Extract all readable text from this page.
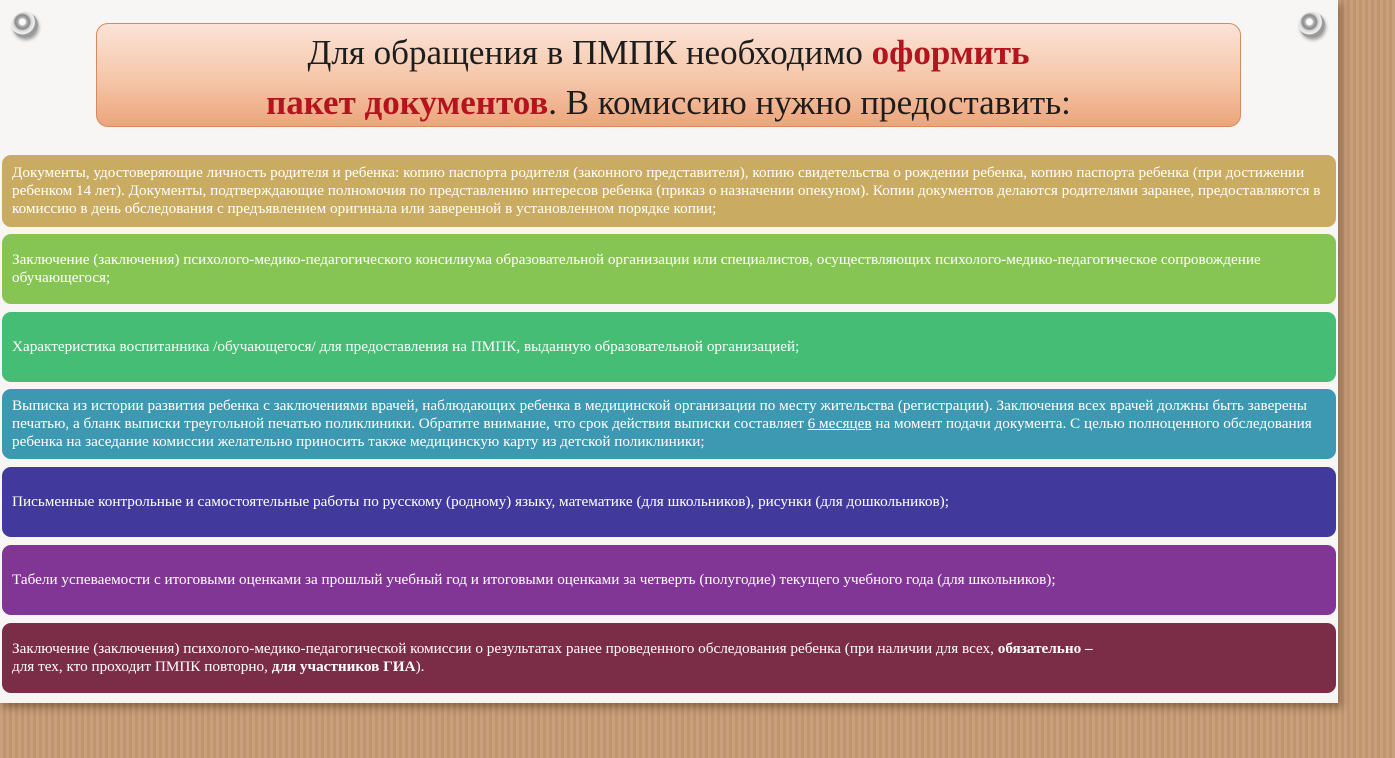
Для обращения в ПМПК необходимо оформить
пакет документов. В комиссию нужно предоставить:

Документы, удостоверяющие личность родителя и ребенка: копию паспорта родителя (законного представителя), копию свидетельства о рождении ребенка, копию паспорта ребенка (при достижении ребенком 14 лет). Документы, подтверждающие полномочия по представлению интересов ребенка (приказ о назначении опекуном). Копии документов делаются родителями заранее, предоставляются в комиссию в день обследования с предъявлением оригинала или заверенной в установленном порядке копии;

Заключение (заключения) психолого-медико-педагогического консилиума образовательной организации или специалистов, осуществляющих психолого-медико-педагогическое сопровождение обучающегося;

Характеристика воспитанника /обучающегося/ для предоставления на ПМПК, выданную образовательной организацией;

Выписка из истории развития ребенка с заключениями врачей, наблюдающих ребенка в медицинской организации по месту жительства (регистрации). Заключения всех врачей должны быть заверены печатью, а бланк выписки треугольной печатью поликлиники. Обратите внимание, что срок действия выписки составляет 6 месяцев на момент подачи документа. С целью полноценного обследования ребенка на заседание комиссии желательно приносить также медицинскую карту из детской поликлиники;

Письменные контрольные и самостоятельные работы по русскому (родному) языку, математике (для школьников), рисунки (для дошкольников);

Табели успеваемости с итоговыми оценками за прошлый учебный год и итоговыми оценками за четверть (полугодие) текущего учебного года (для школьников);

Заключение (заключения) психолого-медико-педагогической комиссии о результатах ранее проведенного обследования ребенка (при наличии для всех, обязательно –
для тех, кто проходит ПМПК повторно, для участников ГИА).
